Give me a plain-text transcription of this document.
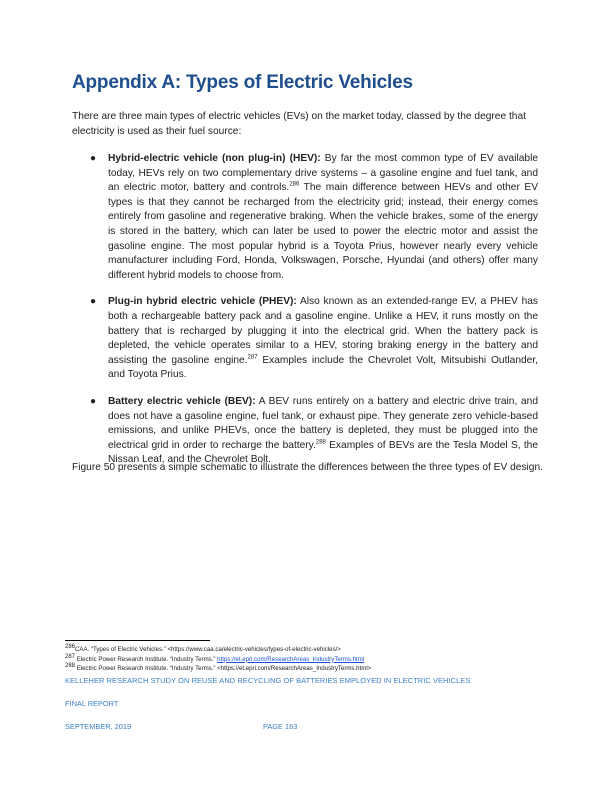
Appendix A: Types of Electric Vehicles

There are three main types of electric vehicles (EVs) on the market today, classed by the degree that electricity is used as their fuel source:

● Hybrid-electric vehicle (non plug-in) (HEV): By far the most common type of EV available today, HEVs rely on two complementary drive systems – a gasoline engine and fuel tank, and an electric motor, battery and controls.$^{286}$ The main difference between HEVs and other EV types is that they cannot be recharged from the electricity grid; instead, their energy comes entirely from gasoline and regenerative braking. When the vehicle brakes, some of the energy is stored in the battery, which can later be used to power the electric motor and assist the gasoline engine. The most popular hybrid is a Toyota Prius, however nearly every vehicle manufacturer including Ford, Honda, Volkswagen, Porsche, Hyundai (and others) offer many different hybrid models to choose from.
● Plug-in hybrid electric vehicle (PHEV): Also known as an extended-range EV, a PHEV has both a rechargeable battery pack and a gasoline engine. Unlike a HEV, it runs mostly on the battery that is recharged by plugging it into the electrical grid. When the battery pack is depleted, the vehicle operates similar to a HEV, storing braking energy in the battery and assisting the gasoline engine.$^{287}$ Examples include the Chevrolet Volt, Mitsubishi Outlander, and Toyota Prius.
● Battery electric vehicle (BEV): A BEV runs entirely on a battery and electric drive train, and does not have a gasoline engine, fuel tank, or exhaust pipe. They generate zero vehicle-based emissions, and unlike PHEVs, once the battery is depleted, they must be plugged into the electrical grid in order to recharge the battery.$^{288}$ Examples of BEVs are the Tesla Model S, the Nissan Leaf, and the Chevrolet Bolt.

Figure 50 presents a simple schematic to illustrate the differences between the three types of EV design.

$^{286}$CAA. “Types of Electric Vehicles.” <https://www.caa.ca/electric-vehicles/types-of-electric-vehicles/>
$^{287}$ Electric Power Research Institute. “Industry Terms.” https://et.epri.com/ResearchAreas_IndustryTerms.html
$^{288}$ Electric Power Research Institute. “Industry Terms.” <https://et.epri.com/ResearchAreas_IndustryTerms.html>

KELLEHER RESEARCH STUDY ON REUSE AND RECYCLING OF BATTERIES EMPLOYED IN ELECTRIC VEHICLES

FINAL REPORT

SEPTEMBER, 2019	PAGE 163
